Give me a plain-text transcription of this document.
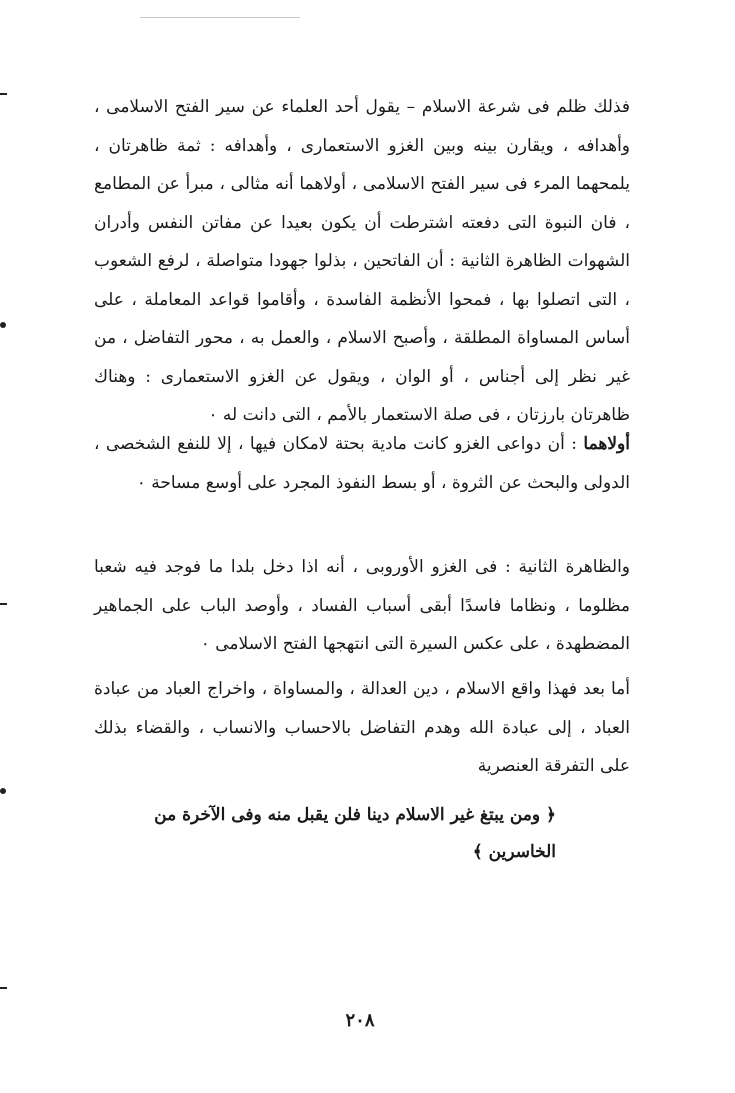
فذلك ظلم فى شرعة الاسلام – يقول أحد العلماء عن سير الفتح الاسلامى ، وأهدافه ، ويقارن بينه وبين الغزو الاستعمارى ، وأهدافه : ثمة ظاهرتان ، يلمحهما المرء فى سير الفتح الاسلامى ، أولاهما أنه مثالى ، مبرأ عن المطامع ، فان النبوة التى دفعته اشترطت أن يكون بعيدا عن مفاتن النفس وأدران الشهوات الظاهرة الثانية : أن الفاتحين ، بذلوا جهودا متواصلة ، لرفع الشعوب ، التى اتصلوا بها ، فمحوا الأنظمة الفاسدة ، وأقاموا قواعد المعاملة ، على أساس المساواة المطلقة ، وأصبح الاسلام ، والعمل به ، محور التفاضل ، من غير نظر إلى أجناس ، أو الوان ، ويقول عن الغزو الاستعمارى : وهناك ظاهرتان بارزتان ، فى صلة الاستعمار بالأمم ، التى دانت له ٠

أولاهما : أن دواعى الغزو كانت مادية بحتة لامكان فيها ، إلا للنفع الشخصى ، الدولى والبحث عن الثروة ، أو بسط النفوذ المجرد على أوسع مساحة ٠

والظاهرة الثانية : فى الغزو الأوروبى ، أنه اذا دخل بلدا ما فوجد فيه شعبا مظلوما ، ونظاما فاسدًا أبقى أسباب الفساد ، وأوصد الباب على الجماهير المضطهدة ، على عكس السيرة التى انتهجها الفتح الاسلامى ٠

أما بعد فهذا واقع الاسلام ، دين العدالة ، والمساواة ، واخراج العباد من عبادة العباد ، إلى عبادة الله وهدم التفاضل بالاحساب والانساب ، والقضاء بذلك على التفرقة العنصرية

﴿ ومن يبتغ غير الاسلام دينا فلن يقبل منه وفى الآخرة من الخاسرين ﴾

٢٠٨
